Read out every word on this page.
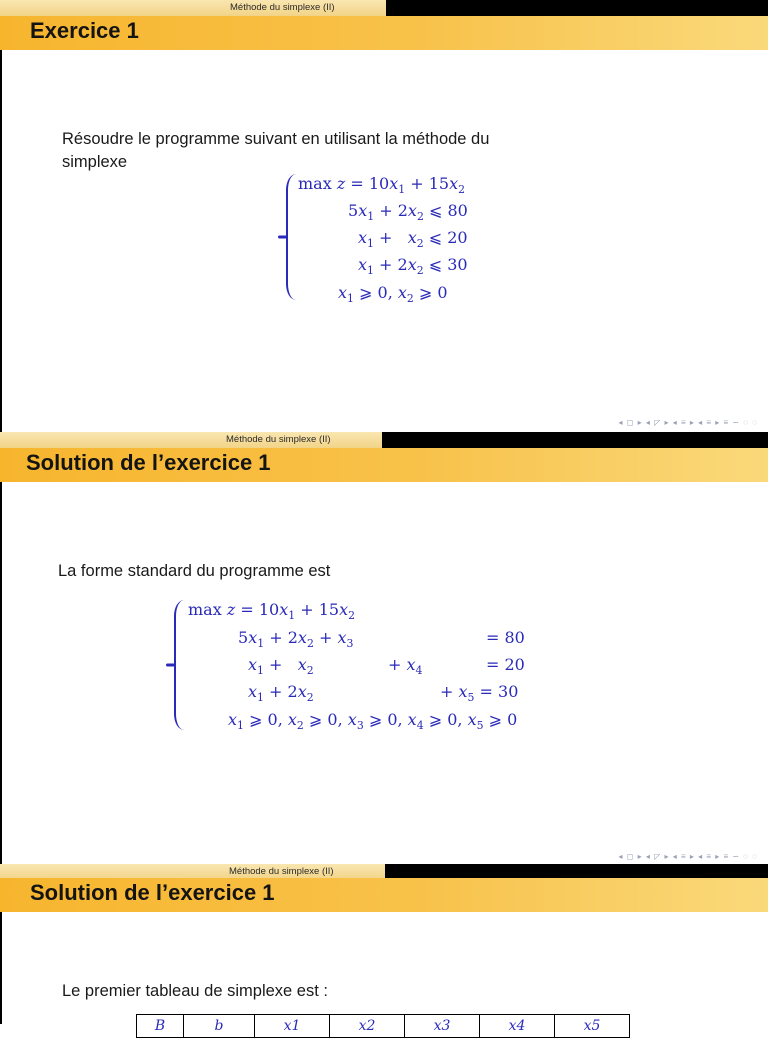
Méthode du simplexe (II)
Exercice 1
Résoudre le programme suivant en utilisant la méthode du
simplexe
$\max z = 10x_1 + 15x_2$
$5x_1 + 2x_2$ ⩽ 80
$x_1 + x_2$ ⩽ 20
$x_1 + 2x_2$ ⩽ 30
$x_1$ ⩾ 0, $x_2$ ⩾ 0
◂ ◻ ▸ ◂ ◸ ▸ ◂ ≡ ▸ ◂ ≡ ▸ ≡ ∽ ◌ ◌
Méthode du simplexe (II)
Solution de l’exercice 1
La forme standard du programme est
$\max z = 10x_1 + 15x_2$
$5x_1 + 2x_2 + x_3$	= 80
$x_1 + x_2$	+ $x_4$	= 20
$x_1 + 2x_2$	+ $x_5 = 30$
$x_1$ ⩾ 0, $x_2$ ⩾ 0, $x_3$ ⩾ 0, $x_4$ ⩾ 0, $x_5$ ⩾ 0
◂ ◻ ▸ ◂ ◸ ▸ ◂ ≡ ▸ ◂ ≡ ▸ ≡ ∽ ◌ ◌
Méthode du simplexe (II)
Solution de l’exercice 1
Le premier tableau de simplexe est :
B	b	x1	x2	x3	x4	x5
